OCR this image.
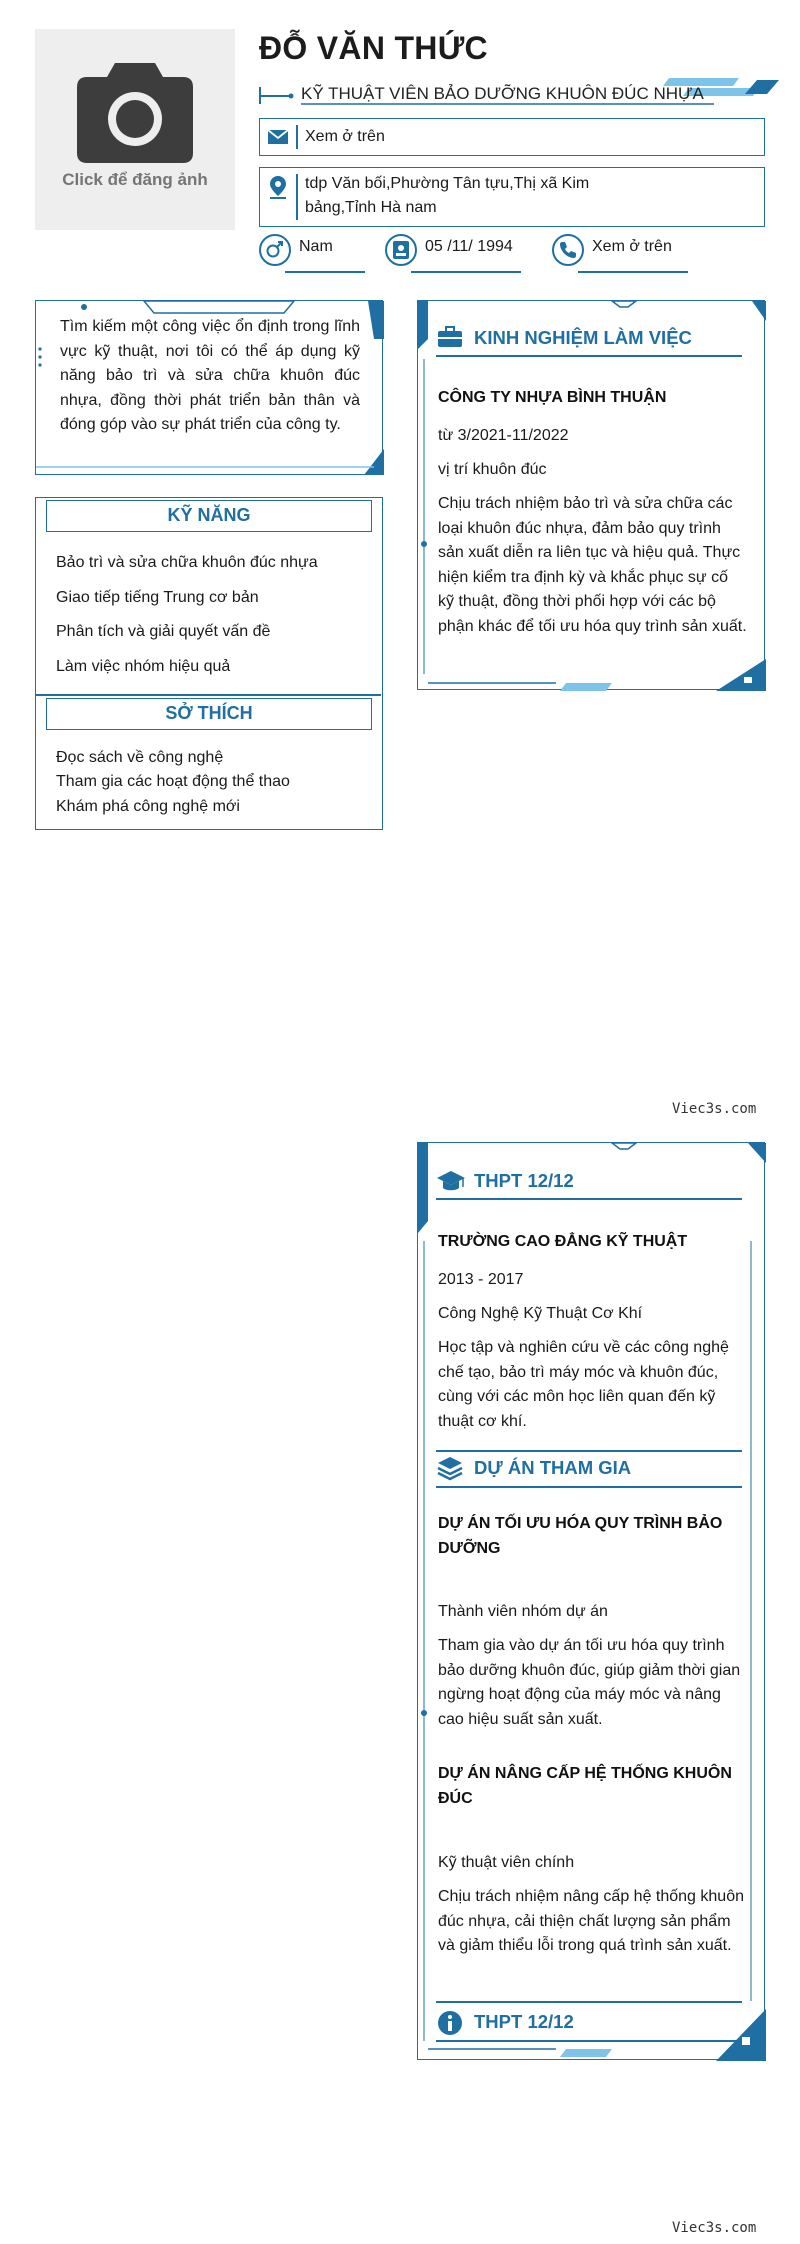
Click để đăng ảnh
ĐỖ VĂN THỨC
KỸ THUẬT VIÊN BẢO DƯỠNG KHUÔN ĐÚC NHỰA
Xem ở trên
tdp Văn bối,Phường Tân tựu,Thị xã Kim bảng,Tỉnh Hà nam
Nam	05 /11/ 1994	Xem ở trên
Tìm kiếm một công việc ổn định trong lĩnh vực kỹ thuật, nơi tôi có thể áp dụng kỹ năng bảo trì và sửa chữa khuôn đúc nhựa, đồng thời phát triển bản thân và đóng góp vào sự phát triển của công ty.
KỸ NĂNG
Bảo trì và sửa chữa khuôn đúc nhựa
Giao tiếp tiếng Trung cơ bản
Phân tích và giải quyết vấn đề
Làm việc nhóm hiệu quả
SỞ THÍCH
Đọc sách về công nghệ
Tham gia các hoạt động thể thao
Khám phá công nghệ mới
KINH NGHIỆM LÀM VIỆC
CÔNG TY NHỰA BÌNH THUẬN
từ 3/2021-11/2022
vị trí khuôn đúc
Chịu trách nhiệm bảo trì và sửa chữa các loại khuôn đúc nhựa, đảm bảo quy trình sản xuất diễn ra liên tục và hiệu quả. Thực hiện kiểm tra định kỳ và khắc phục sự cố kỹ thuật, đồng thời phối hợp với các bộ phận khác để tối ưu hóa quy trình sản xuất.
Viec3s.com
THPT 12/12
TRƯỜNG CAO ĐẲNG KỸ THUẬT
2013 - 2017
Công Nghệ Kỹ Thuật Cơ Khí
Học tập và nghiên cứu về các công nghệ chế tạo, bảo trì máy móc và khuôn đúc, cùng với các môn học liên quan đến kỹ thuật cơ khí.
DỰ ÁN THAM GIA
DỰ ÁN TỐI ƯU HÓA QUY TRÌNH BẢO DƯỠNG
Thành viên nhóm dự án
Tham gia vào dự án tối ưu hóa quy trình bảo dưỡng khuôn đúc, giúp giảm thời gian ngừng hoạt động của máy móc và nâng cao hiệu suất sản xuất.
DỰ ÁN NÂNG CẤP HỆ THỐNG KHUÔN ĐÚC
Kỹ thuật viên chính
Chịu trách nhiệm nâng cấp hệ thống khuôn đúc nhựa, cải thiện chất lượng sản phẩm và giảm thiểu lỗi trong quá trình sản xuất.
THPT 12/12
Viec3s.com
